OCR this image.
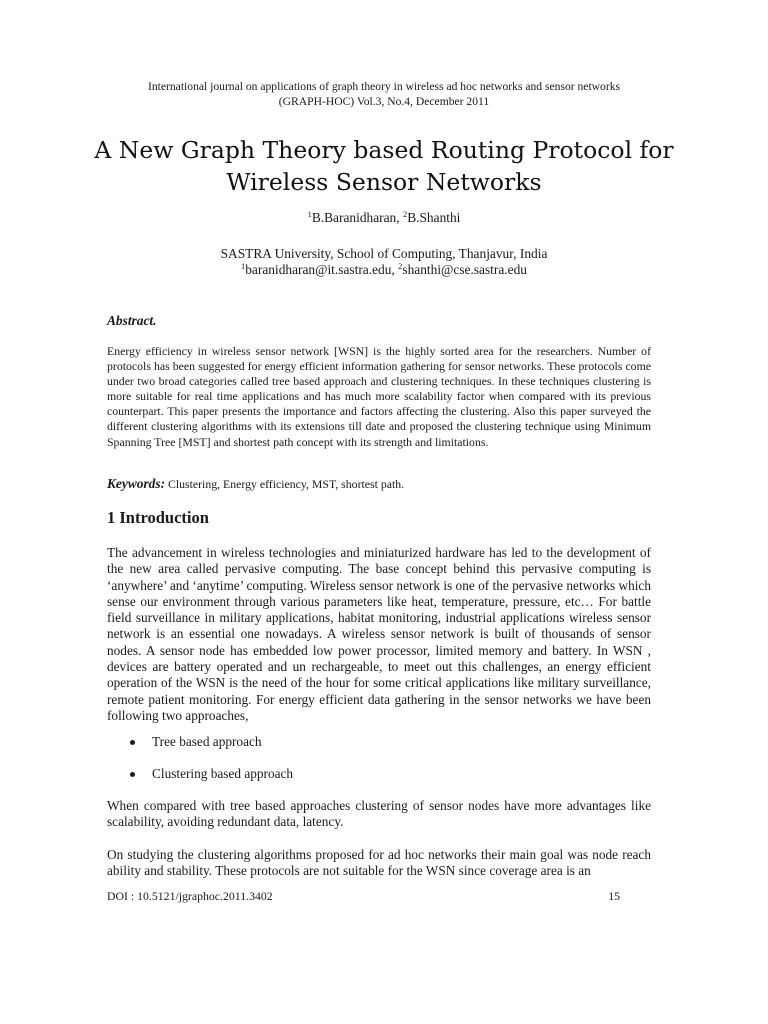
International journal on applications of graph theory in wireless ad hoc networks and sensor networks
(GRAPH-HOC) Vol.3, No.4, December 2011
A New Graph Theory based Routing Protocol for
Wireless Sensor Networks
$^1$B.Baranidharan, $^2$B.Shanthi
SASTRA University, School of Computing, Thanjavur, India
$^1$baranidharan@it.sastra.edu, $^2$shanthi@cse.sastra.edu
Abstract.

Energy efficiency in wireless sensor network [WSN] is the highly sorted area for the researchers. Number of protocols has been suggested for energy efficient information gathering for sensor networks. These protocols come under two broad categories called tree based approach and clustering techniques. In these techniques clustering is more suitable for real time applications and has much more scalability factor when compared with its previous counterpart. This paper presents the importance and factors affecting the clustering. Also this paper surveyed the different clustering algorithms with its extensions till date and proposed the clustering technique using Minimum Spanning Tree [MST] and shortest path concept with its strength and limitations.

Keywords: Clustering, Energy efficiency, MST, shortest path.
1 Introduction

The advancement in wireless technologies and miniaturized hardware has led to the development of the new area called pervasive computing. The base concept behind this pervasive computing is ‘anywhere’ and ‘anytime’ computing. Wireless sensor network is one of the pervasive networks which sense our environment through various parameters like heat, temperature, pressure, etc… For battle field surveillance in military applications, habitat monitoring, industrial applications wireless sensor network is an essential one nowadays. A wireless sensor network is built of thousands of sensor nodes. A sensor node has embedded low power processor, limited memory and battery. In WSN , devices are battery operated and un rechargeable, to meet out this challenges, an energy efficient operation of the WSN is the need of the hour for some critical applications like military surveillance, remote patient monitoring. For energy efficient data gathering in the sensor networks we have been following two approaches,

Tree based approach
Clustering based approach

When compared with tree based approaches clustering of sensor nodes have more advantages like scalability, avoiding redundant data, latency.

On studying the clustering algorithms proposed for ad hoc networks their main goal was node reach ability and stability. These protocols are not suitable for the WSN since coverage area is an

DOI : 10.5121/jgraphoc.2011.3402	15
